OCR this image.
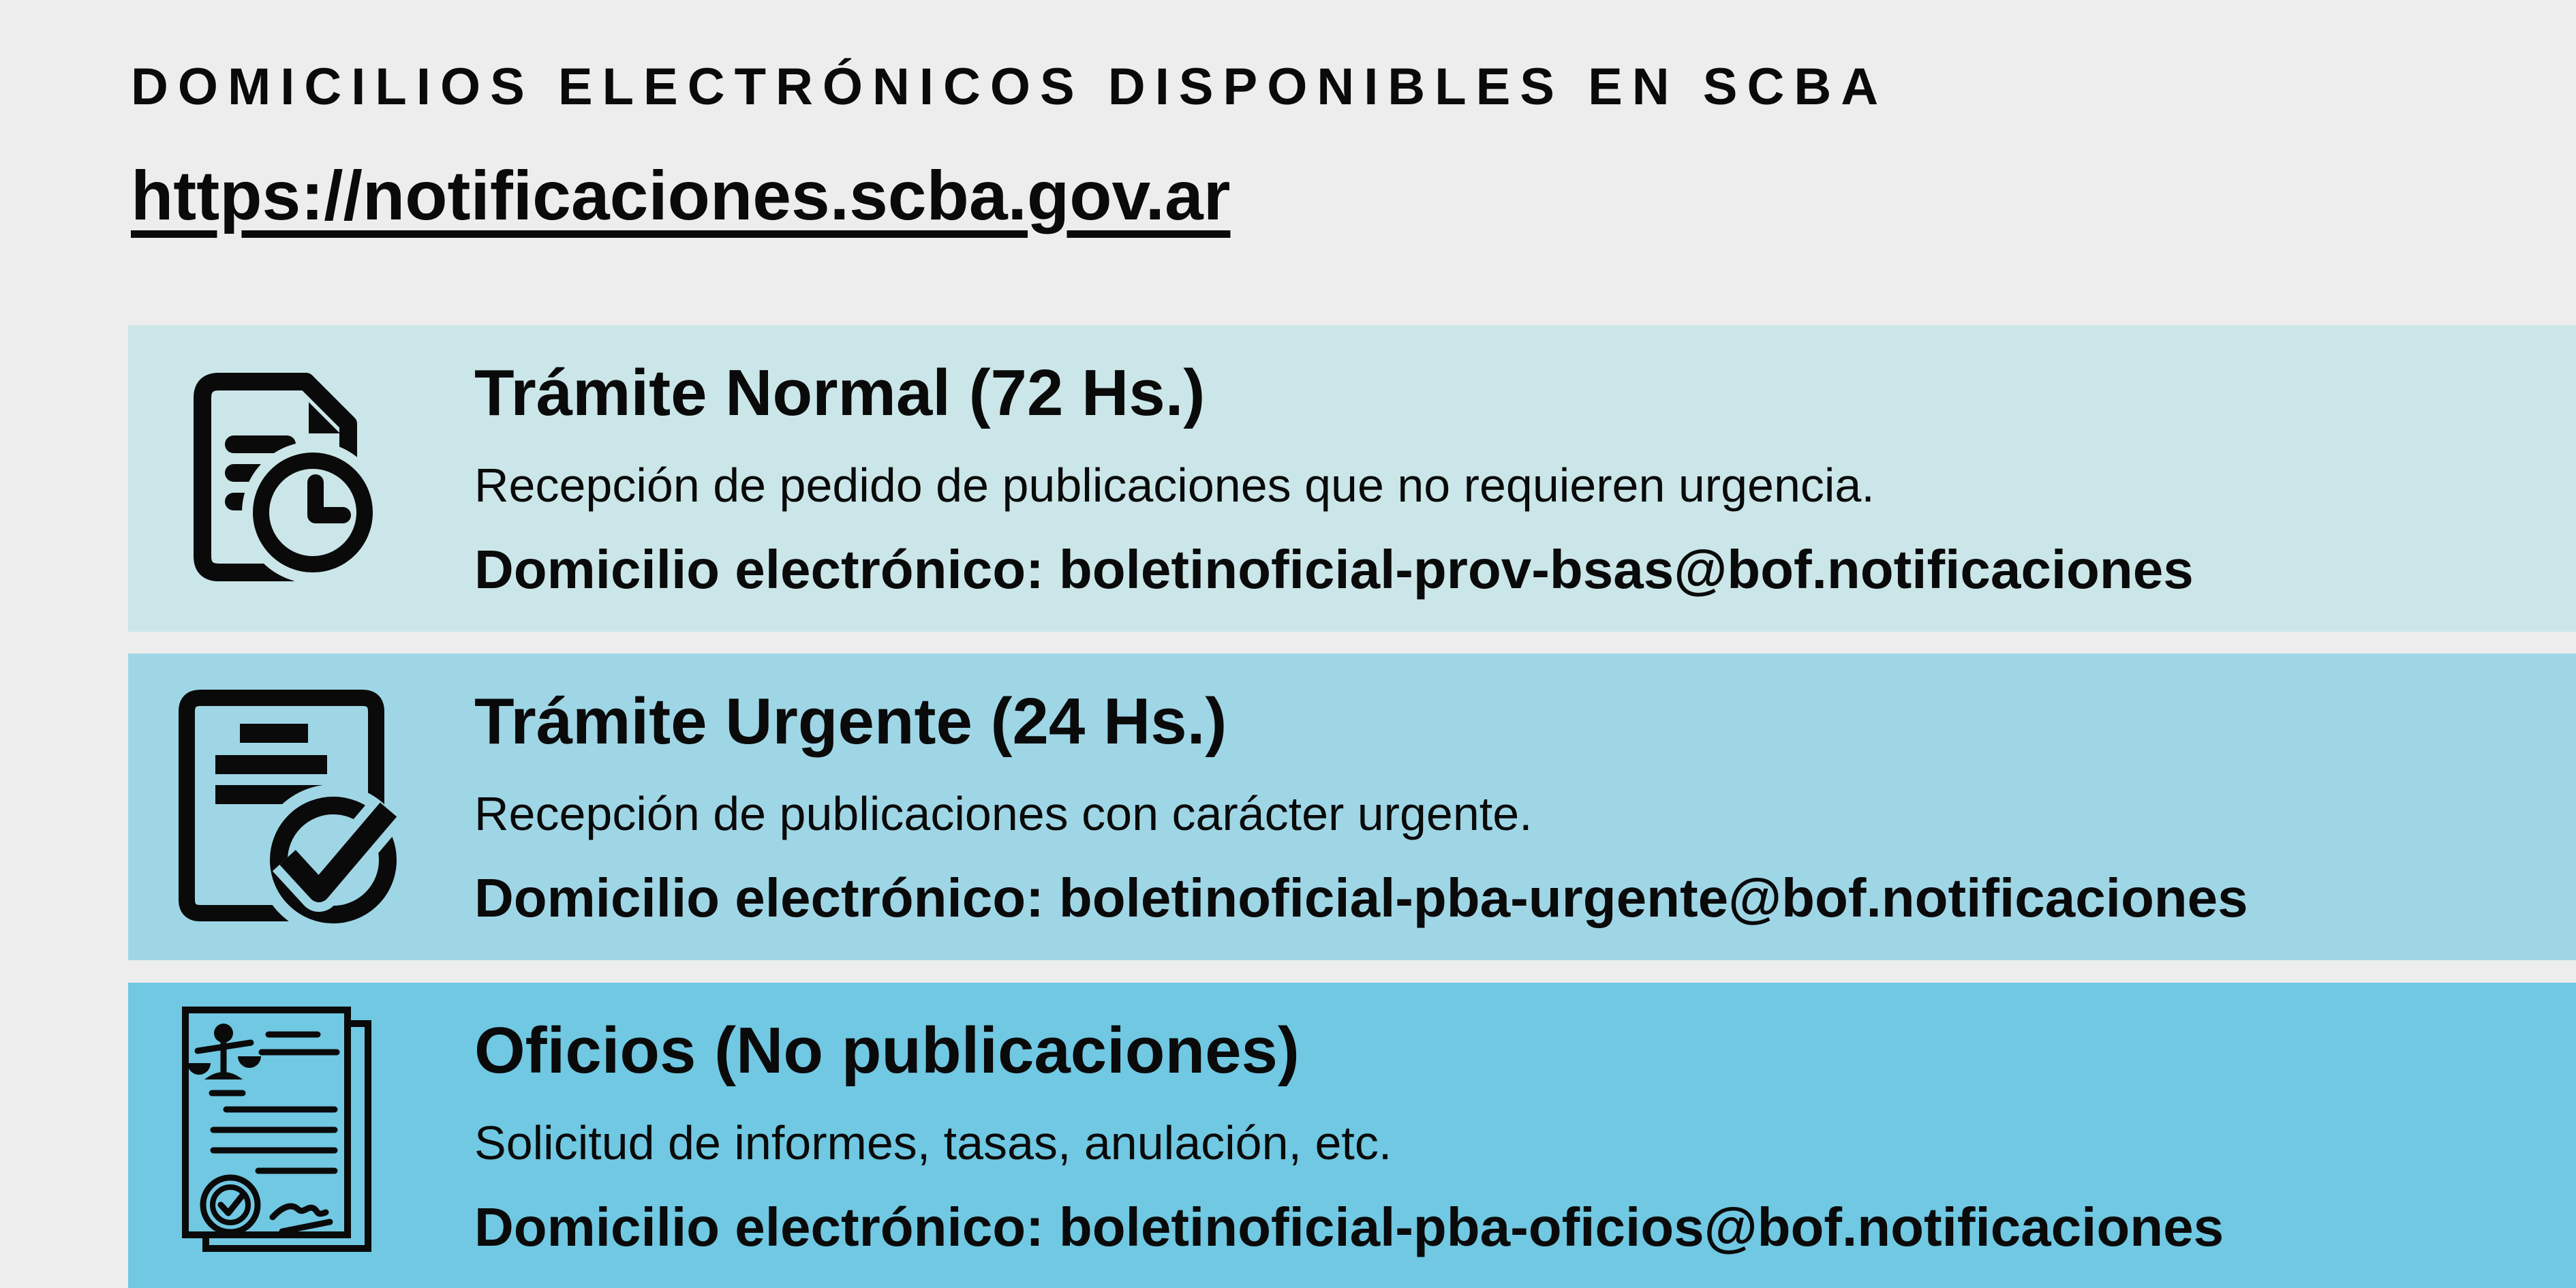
DOMICILIOS ELECTRÓNICOS DISPONIBLES EN SCBA

https://notificaciones.scba.gov.ar
Trámite Normal (72 Hs.)

Recepción de pedido de publicaciones que no requieren urgencia.

Domicilio electrónico: boletinoficial-prov-bsas@bof.notificaciones

Trámite Urgente (24 Hs.)

Recepción de publicaciones con carácter urgente.

Domicilio electrónico: boletinoficial-pba-urgente@bof.notificaciones

Oficios (No publicaciones)

Solicitud de informes, tasas, anulación, etc.

Domicilio electrónico: boletinoficial-pba-oficios@bof.notificaciones
